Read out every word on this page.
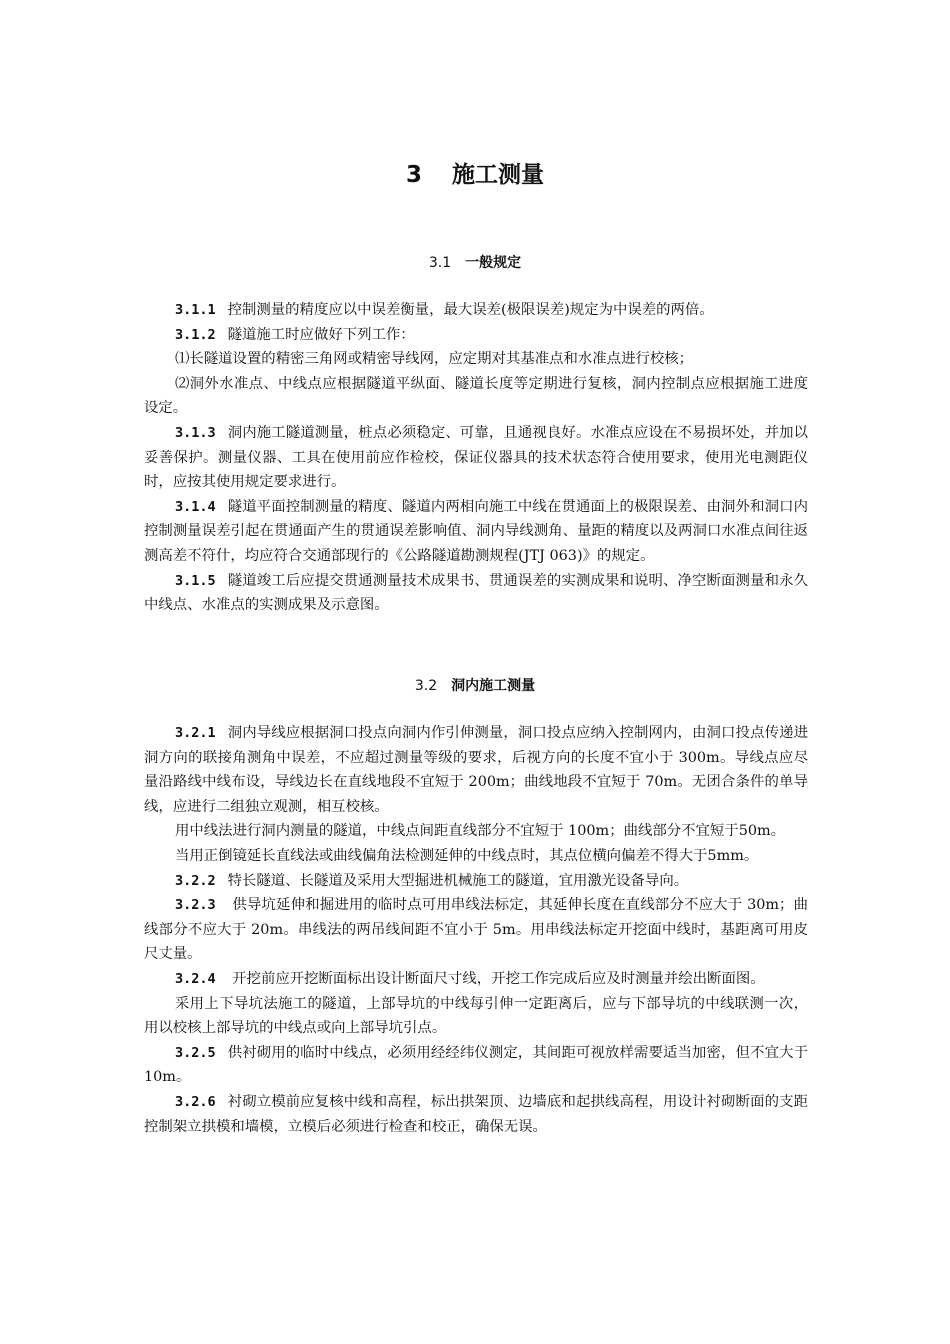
3 施工测量
3.1 一般规定

3.1.1 控制测量的精度应以中误差衡量，最大误差(极限误差)规定为中误差的两倍。

3.1.2 隧道施工时应做好下列工作：

⑴长隧道设置的精密三角网或精密导线网，应定期对其基准点和水准点进行校核；

⑵洞外水准点、中线点应根据隧道平纵面、隧道长度等定期进行复核，洞内控制点应根据施工进度设定。

3.1.3 洞内施工隧道测量，桩点必须稳定、可靠，且通视良好。水准点应设在不易损坏处，并加以妥善保护。测量仪器、工具在使用前应作检校，保证仪器具的技术状态符合使用要求，使用光电测距仪时，应按其使用规定要求进行。

3.1.4 隧道平面控制测量的精度、隧道内两相向施工中线在贯通面上的极限误差、由洞外和洞口内控制测量误差引起在贯通面产生的贯通误差影响值、洞内导线测角、量距的精度以及两洞口水准点间往返测高差不符什，均应符合交通部现行的《公路隧道勘测规程(JTJ 063)》的规定。

3.1.5 隧道竣工后应提交贯通测量技术成果书、贯通误差的实测成果和说明、净空断面测量和永久中线点、水准点的实测成果及示意图。

3.2 洞内施工测量

3.2.1 洞内导线应根据洞口投点向洞内作引伸测量，洞口投点应纳入控制网内，由洞口投点传递进洞方向的联接角测角中误差，不应超过测量等级的要求，后视方向的长度不宜小于 300m。导线点应尽量沿路线中线布设，导线边长在直线地段不宜短于 200m；曲线地段不宜短于 70m。无团合条件的单导线，应进行二组独立观测，相互校核。

用中线法进行洞内测量的隧道，中线点间距直线部分不宜短于 100m；曲线部分不宜短于50m。

当用正倒镜延长直线法或曲线偏角法检测延伸的中线点时，其点位横向偏差不得大于5mm。

3.2.2 特长隧道、长隧道及采用大型掘进机械施工的隧道，宜用激光设备导向。

3.2.3 供导坑延伸和掘进用的临时点可用串线法标定，其延伸长度在直线部分不应大于 30m；曲线部分不应大于 20m。串线法的两吊线间距不宜小于 5m。用串线法标定开挖面中线时，基距离可用皮尺丈量。

3.2.4 开挖前应开挖断面标出设计断面尺寸线，开挖工作完成后应及时测量并绘出断面图。

采用上下导坑法施工的隧道，上部导坑的中线每引伸一定距离后，应与下部导坑的中线联测一次，用以校核上部导坑的中线点或向上部导坑引点。

3.2.5 供衬砌用的临时中线点，必须用经经纬仪测定，其间距可视放样需要适当加密，但不宜大于 10m。

3.2.6 衬砌立模前应复核中线和高程，标出拱架顶、边墙底和起拱线高程，用设计衬砌断面的支距控制架立拱模和墙模，立模后必须进行检查和校正，确保无误。
